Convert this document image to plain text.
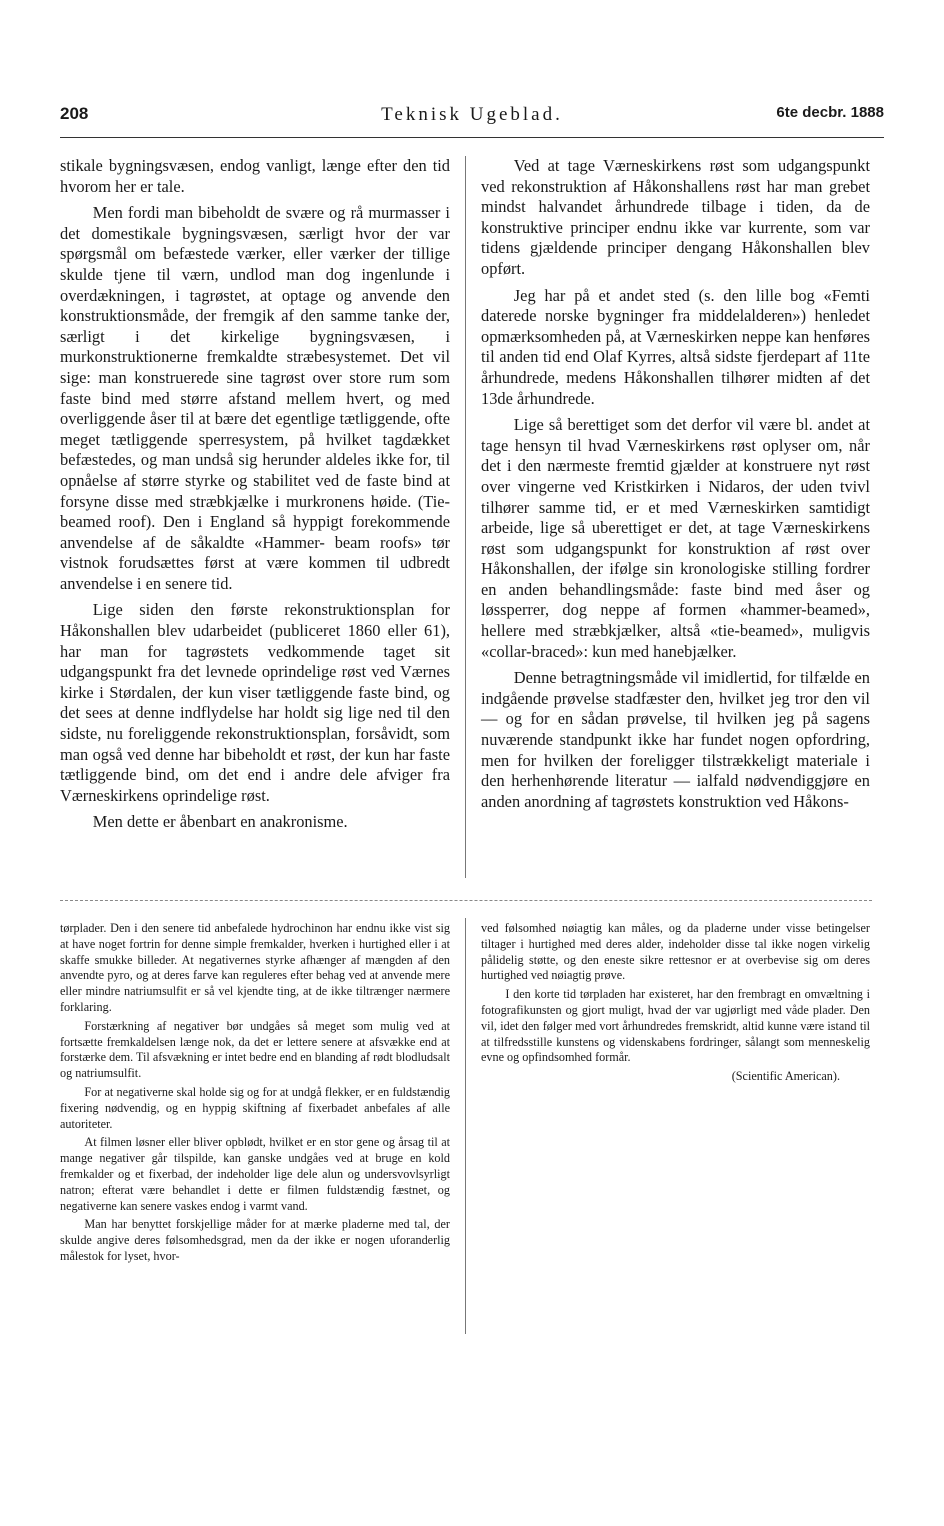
208	Teknisk Ugeblad.	6te decbr. 1888

stikale bygningsvæsen, endog vanligt, længe efter den tid hvorom her er tale.

Men fordi man bibeholdt de svære og rå murmasser i det domestikale bygningsvæsen, særligt hvor der var spørgsmål om befæstede værker, eller værker der tillige skulde tjene til værn, undlod man dog ingenlunde i overdækningen, i tagrøstet, at optage og anvende den konstruktionsmåde, der fremgik af den samme tanke der, særligt i det kirkelige bygningsvæsen, i murkonstruktionerne fremkaldte stræbesystemet. Det vil sige: man konstruerede sine tagrøst over store rum som faste bind med større afstand mellem hvert, og med overliggende åser til at bære det egentlige tætliggende, ofte meget tætliggende sperresystem, på hvilket tagdækket befæstedes, og man undså sig herunder aldeles ikke for, til opnåelse af større styrke og stabilitet ved de faste bind at forsyne disse med stræbkjælke i murkronens høide. (Tie-beamed roof). Den i England så hyppigt forekommende anvendelse af de såkaldte «Hammer- beam roofs» tør vistnok forudsættes først at være kommen til udbredt anvendelse i en senere tid.

Lige siden den første rekonstruktionsplan for Håkonshallen blev udarbeidet (publiceret 1860 eller 61), har man for tagrøstets vedkommende taget sit udgangspunkt fra det levnede oprindelige røst ved Værnes kirke i Størdalen, der kun viser tætliggende faste bind, og det sees at denne indflydelse har holdt sig lige ned til den sidste, nu foreliggende rekonstruktionsplan, forsåvidt, som man også ved denne har bibeholdt et røst, der kun har faste tætliggende bind, om det end i andre dele afviger fra Værneskirkens oprindelige røst.

Men dette er åbenbart en anakronisme.

Ved at tage Værneskirkens røst som udgangspunkt ved rekonstruktion af Håkonshallens røst har man grebet mindst halvandet århundrede tilbage i tiden, da de konstruktive principer endnu ikke var kurrente, som var tidens gjældende principer dengang Håkonshallen blev opført.

Jeg har på et andet sted (s. den lille bog «Femti daterede norske bygninger fra middelalderen») henledet opmærksomheden på, at Værneskirken neppe kan henføres til anden tid end Olaf Kyrres, altså sidste fjerdepart af 11te århundrede, medens Håkonshallen tilhører midten af det 13de århundrede.

Lige så berettiget som det derfor vil være bl. andet at tage hensyn til hvad Værneskirkens røst oplyser om, når det i den nærmeste fremtid gjælder at konstruere nyt røst over vingerne ved Kristkirken i Nidaros, der uden tvivl tilhører samme tid, er et med Værneskirken samtidigt arbeide, lige så uberettiget er det, at tage Værneskirkens røst som udgangspunkt for konstruktion af røst over Håkonshallen, der ifølge sin kronologiske stilling fordrer en anden behandlingsmåde: faste bind med åser og løssperrer, dog neppe af formen «hammer-beamed», hellere med stræbkjælker, altså «tie-beamed», muligvis «collar-braced»: kun med hanebjælker.

Denne betragtningsmåde vil imidlertid, for tilfælde en indgående prøvelse stadfæster den, hvilket jeg tror den vil — og for en sådan prøvelse, til hvilken jeg på sagens nuværende standpunkt ikke har fundet nogen opfordring, men for hvilken der foreligger tilstrækkeligt materiale i den herhenhørende literatur — ialfald nødvendiggjøre en anden anordning af tagrøstets konstruktion ved Håkons-

tørplader. Den i den senere tid anbefalede hydrochinon har endnu ikke vist sig at have noget fortrin for denne simple fremkalder, hverken i hurtighed eller i at skaffe smukke billeder. At negativernes styrke afhænger af mængden af den anvendte pyro, og at deres farve kan reguleres efter behag ved at anvende mere eller mindre natriumsulfit er så vel kjendte ting, at de ikke tiltrænger nærmere forklaring.

Forstærkning af negativer bør undgåes så meget som mulig ved at fortsætte fremkaldelsen længe nok, da det er lettere senere at afsvække end at forstærke dem. Til afsvækning er intet bedre end en blanding af rødt blodludsalt og natriumsulfit.

For at negativerne skal holde sig og for at undgå flekker, er en fuldstændig fixering nødvendig, og en hyppig skiftning af fixerbadet anbefales af alle autoriteter.

At filmen løsner eller bliver opblødt, hvilket er en stor gene og årsag til at mange negativer går tilspilde, kan ganske undgåes ved at bruge en kold fremkalder og et fixerbad, der indeholder lige dele alun og undersvovlsyrligt natron; efterat være behandlet i dette er filmen fuldstændig fæstnet, og negativerne kan senere vaskes endog i varmt vand.

Man har benyttet forskjellige måder for at mærke pladerne med tal, der skulde angive deres følsomhedsgrad, men da der ikke er nogen uforanderlig målestok for lyset, hvor-

ved følsomhed nøiagtig kan måles, og da pladerne under visse betingelser tiltager i hurtighed med deres alder, indeholder disse tal ikke nogen virkelig pålidelig støtte, og den eneste sikre rettesnor er at overbevise sig om deres hurtighed ved nøiagtig prøve.

I den korte tid tørpladen har existeret, har den frembragt en omvæltning i fotografikunsten og gjort muligt, hvad der var ugjørligt med våde plader. Den vil, idet den følger med vort århundredes fremskridt, altid kunne være istand til at tilfredsstille kunstens og videnskabens fordringer, sålangt som menneskelig evne og opfindsomhed formår.

(Scientific American).
